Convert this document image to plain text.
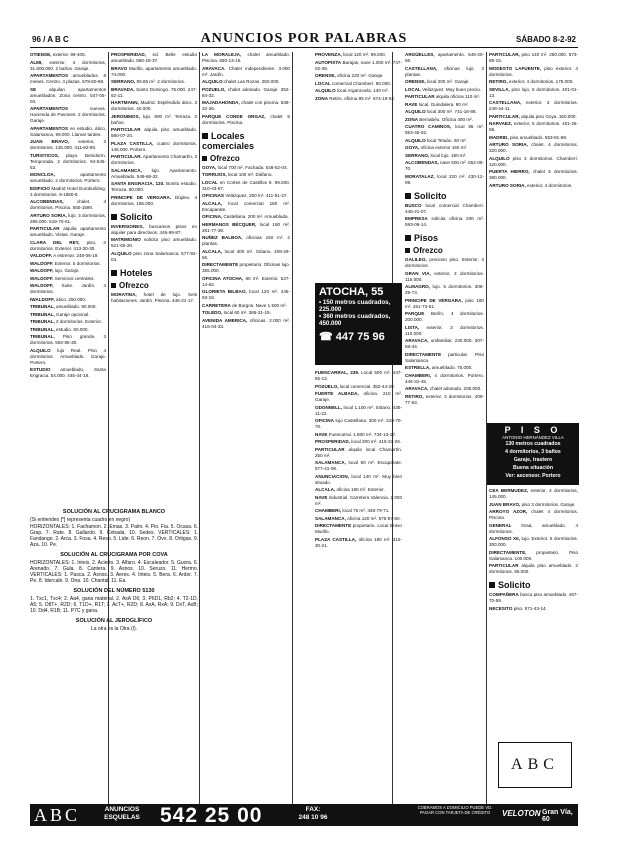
96 / A B C	ANUNCIOS POR PALABRAS	SÁBADO 8-2-92

OTIENSE, exterior. 99-405.

ALMI, exterior, 4 dormitorios, 31.600.000. 2 baños. Garaje.

APARTAMENTOS amueblados. 8 meses. Centro. 4 plazas. 579-60-98.

SE	alquilan apartamentos amueblados. Zona centro. 547-05-03.

APARTAMENTOS	nuevos. Hacienda de Pavones. 2 dormitorios. Garaje.

APARTAMENTOS en estudio, ático, Salamanca, 99.000. Llamar tardes.

JUAN BRAVO, exterior, 3 dormitorios. 135.000. 411-92-80.

TURISTICOS, playa. Benidorm. Temporada. 2 dormitorios. 94-545-53.

MONCLOA,	apartamento amueblado. 2 dormitorios. Portero.

EDIFICIO Madrid Hotel Eurobuilding, 3 dormitorios. 9-1880-8.

ALCOBENDAS,	chalet. 4 dormitorios. Piscina. 550-1590.

ARTURO SORIA, lujo, 3 dormitorios, 285.000. 519-70-61.

PARTICULAR alquila apartamento amueblado. Vistas. Garaje.

CLARA DEL REY, piso, 3 dormitorios. Exterior. 413-30-30.

VALDOFF. A estrenar. 248-06-19.

WALDOFF. Exterior. 5 dormitorios.

WALDOFF, lujo. Garaje.

WALDOFF. Servicios centrales.

WALDOFF, Suite. Jardín. 4 dormitorios.

IWALDOFF, ático. 250.000.

TRIBUNAL, amueblado. 90.000.

TRIBUNAL, Garaje opcional.

TRIBUNAL, 2 dormitorios. Exterior.

TRIBUNAL, estudio. 60.000.

TRIBUNAL. Piso grande, 3 dormitorios. 592-86-30.

ALQUILO lujo Real. Piso 4 dormitorios. Amueblado. Garaje. Portero.

ESTUDIO amueblado, Santa Engracia. 54.000. 445-44-18.

SOLUCIÓN AL CRUCIGRAMA BLANCO

(Si entiendes [*] representa cuadro en negro)

HORIZONTALES: 1. Fachamon. 2. Emas. 3. Palm. 4. Pio. Fia. 5. Ocasa. 6. Grap. 7. Rate. 8. Gallardo. 9. Cebada. 10. Sedes. VERTICALES: 1. Fandango. 2. Arca. 3. Fosa. 4. Resp. 5. Lide. 6. Reon. 7. Ovo. 8. Ortigas. 9. Aza. 10. Pe.

SOLUCIÓN AL CRUCIGRAMA POR COVA

HORIZONTALES: 1. Inteis. 2. Acierto. 3. Alfaro. 4. Escaleador. 5. Guora. 6. Arenado. 7. Gula. 8. Cantera. 9. Asnos. 10. Seruzo. 11. Hermo. VERTICALES: 1. Pasca. 2. Asnos. 3. Aeres. 4. Inteis. 5. Bera. 6. Ardor. 7. Pe. 8. Idercalé. 9. Ona. 10. Chantal. 11. Ea.

SOLUCIÓN DEL NÚMERO 5130

1. Txc1, Txc4; 2. Aa4, gana material. 2. AxA D6; 3. P6D1, Rb2; 4. T2-1D, A5; 5. D8T+, R2D; 6. T1D+, R1T; 7. AcT+, R2D; 8. AxA, RxA; 9. DxT, AxB; 10. Dd4, R1B; 11. P7C y gana.

SOLUCIÓN AL JEROGLÍFICO

La otra es la Otra (I).

PROSPERIDAD, ed. Belle estudio amueblado. 580-18-37.

BRAVO Murillo, apartamento amueblado. 74.000.

SERRANO, 99.85 m². 2 dormitorios.

BRAVADA, Santo Domingo. 75.000. 247-62-11.

HARTMANN, Madrid. Espléndido ático. 3 dormitorios. 40.000.

JERONIMOS, lujo. 800 m². Terraza. 3 baños.

PARTICULAR alquila piso amueblado. 590-07-24.

PLAZA CASTILLA, cuatro dormitorios. 145.000. Portero.

PARTICULAR. Apartamento Chamartín, 3 dormitorios.

SALAMANCA, lujo. Apartamento. Amueblado. 549-66-32.

SANTA ENGRACIA, 120. Bonito estudio. Terraza. 80.000.

PRINCIPE DE VERGARA. Dúplex. 4 dormitorios. 185.000.

Solicito

INVERSIONES, buscamos pisos en alquiler para directivos. 446-99-87.

MATRIMONIO solicita piso amueblado. 521-60-20.

ALQUILO piso zona Salamanca. 577-92-04.

Hoteles
Ofrezco

MORATINA, hotel de lujo. Seis habitaciones. Jardín. Piscina. 446-21-17.

LA MORALEJA, chalet amueblado. Piscina. 650-13-15.

ARAVACA. Chalet independiente. 3.000 m². Jardín.

ALQUILO chalet Las Rozas. 250.000.

POZUELO, chalet adosado. Garaje. 352-84-32.

MAJADAHONDA, chalet con piscina. 639-22-36.

PARQUE CONDE ORGAZ, chalet 5 dormitorios. Piscina.

Locales comerciales
Ofrezco

GOYA, local 700 m². Fachada. 548-52-04.

TORRIJOS, local 100 m². Diáfano.

LOCAL en Cortes de Castillos 9. 99.000. 310-43-67.

OFICINAS Velázquez, 250 m². 411-51-27.

ALCALA, local comercial 180 m². Escaparate.

OFICINA, Castellana. 200 m². Amueblada.

HERMANOS BÉCQUER, local 190 m². 261-77-38.

NUÑEZ BALBOA, oficinas 150 m². 2 plantas.

ALCALA, local 400 m². Sótano. 409-29-56.

DIRECTAMENTE propietario. Oficinas lujo. 355.000.

OFICINA ATOCHA, 80 m². Exterior. 527-14-62.

GLORIETA BILBAO, local 120 m². 445-93-18.

CARRETERA de Burgos. Nave 1.500 m².

TOLEDO, local 60 m². 365-21-19.

AVENIDA AMERICA, oficinas. 2.000 m². 416-04-33.

PROVENZA, local 120 m². 99.000.

AUTOPISTA Barajas, nave 1.000 m². 747-02-39.

ORENSE, oficina 220 m². Garaje.

LOCAL comercial Chamberí. 80.000.

ALQUILO local Arganzuela. 140 m².

ZONA Retiro, oficina 95 m². 574-19-02.

ATOCHA, 55
• 150 metros cuadrados, 225.000
• 360 metros cuadrados, 450.000
☎ 447 75 96

FUENCARRAL, 239. Local 500 m². 447-65-12.

POZUELO, local comercial. 352-44-28.

FUERTE ALBADA, oficina. 210 m². Garaje.

ODONNELL, local 1.100 m². Sótano. 435-11-22.

OFICINA lujo Castellana. 300 m². 319-70-70.

NAVE Fuencarral. 1.800 m². 734-13-17.

PROSPERIDAD, local 200 m². 415-33-26.

PARTICULAR alquila local Chamartín. 250 m².

SALAMANCA, local 90 m². Escaparate. 577-41-08.

ANUNCIACION, local 140 m². Muy bien situado.

ALCALA, oficina 160 m². Exterior.

NAVE industrial. Carretera Valencia. 2.000 m².

CHAMBERI, local 75 m². 448-79-71.

SALAMANCA, oficina 120 m². 575-87-80.

DIRECTAMENTE propietario. Local Bravo Murillo.

PLAZA CASTILLA, oficina 180 m². 315-30-21.

ARGÜELLES, apartamento. 548-20-55.

CASTELLANA, oficinas lujo. 3 plantas.

ORENSE, local 200 m². Garaje.

LOCAL Velázquez. Muy buen precio.

PARTICULAR alquila oficina 110 m².

RAVE local. Guindalera. 90 m².

ALQUILO local 300 m². 741-16-88.

ZONA Bernabéu. Oficina 400 m².

CUATRO CAMINOS, local 85 m². 553-45-02.

ALQUILO local Tetuán. 60 m².

GOYA, oficina exterior 150 m².

SERRANO, local lujo. 180 m².

ALCOBENDAS, nave 600 m². 652-05-70.

MORATALAZ, local 220 m². 430-12-99.

Solicito

BUSCO local comercial Chamberí. 448-21-07.

EMPRESA solicita oficina 200 m². 593-06-14.

Pisos
Ofrezco

GALILEO, precioso piso. Exterior. 4 dormitorios.

GRAN VIA, exterior, 3 dormitorios. 115.000.

ALMAGRO, lujo. 5 dormitorios. 308-29-73.

PRINCIPE DE VERGARA, piso 180 m². 261-73-51.

PARQUE Berlín, 4 dormitorios. 200.000.

LISTA, exterior. 3 dormitorios. 110.000.

ARAVACA, unifamiliar. 230.000. 307-58-44.

DIRECTAMENTE particular. Piso Salamanca.

ESTRELLA, amueblado. 75.000.

CHAMBERI, 4 dormitorios. Portero. 446-31-45.

ARAVACA, chalet adosado. 205.000.

RETIRO, exterior. 3 dormitorios. 409-77-53.

PARTICULAR, piso 140 m². 250.000. 573-89-15.

MODESTO LAFUENTE, piso exterior. 4 dormitorios.

RETIRO, exterior, 4 dormitorios. 175.000.

SEVILLA, piso lujo, 5 dormitorios. 401-01-13.

CASTELLANA, exterior. 3 dormitorios. 248-44-11.

PARTICULAR, alquila piso Goya. 150.000.

NARVAEZ, exterior, 5 dormitorios. 401-26-59.

MADRID, piso amueblado. 553-81-88.

ARTURO SORIA, chalet. 4 dormitorios. 320.000.

ALQUILO piso 3 dormitorios. Chamberí. 120.000.

PUERTA HIERRO, chalet 5 dormitorios. 380.000.

ARTURO SORIA, exterior, 4 dormitorios.

P I S O
ANTONIO HERNÁNDEZ VILLA
130 metros cuadrados
4 dormitorios, 3 baños
Garaje, trastero
Buena situación
Ver: ascensor. Portero

CEA BERMUDEZ, exterior, 4 dormitorios, 145.000.

JUAN BRAVO, piso 3 dormitorios. Garaje.

ARROYO AZOR, chalet 4 dormitorios. Piscina.

GENERAL Oraá, amueblado. 4 dormitorios.

ALFONSO XII, lujo. Exterior. 5 dormitorios. 300.000.

DIRECTAMENTE, propietario. Piso Salamanca. 100.000.

PARTICULAR alquila piso amueblado. 2 dormitorios. 95.000.

Solicito

COMPAÑERA busca piso amueblado. 467-70-59.

NECESITO piso. 571-43-14.

ABC
ABC	ANUNCIOS
ESQUELAS 542 25 00	FAX:
248 10 96
COBRAMOS A DOMICILIO PUEDE VD. PAGAR CON TARJETA DE CRÉDITO	VELOTON Gran Vía, 60
